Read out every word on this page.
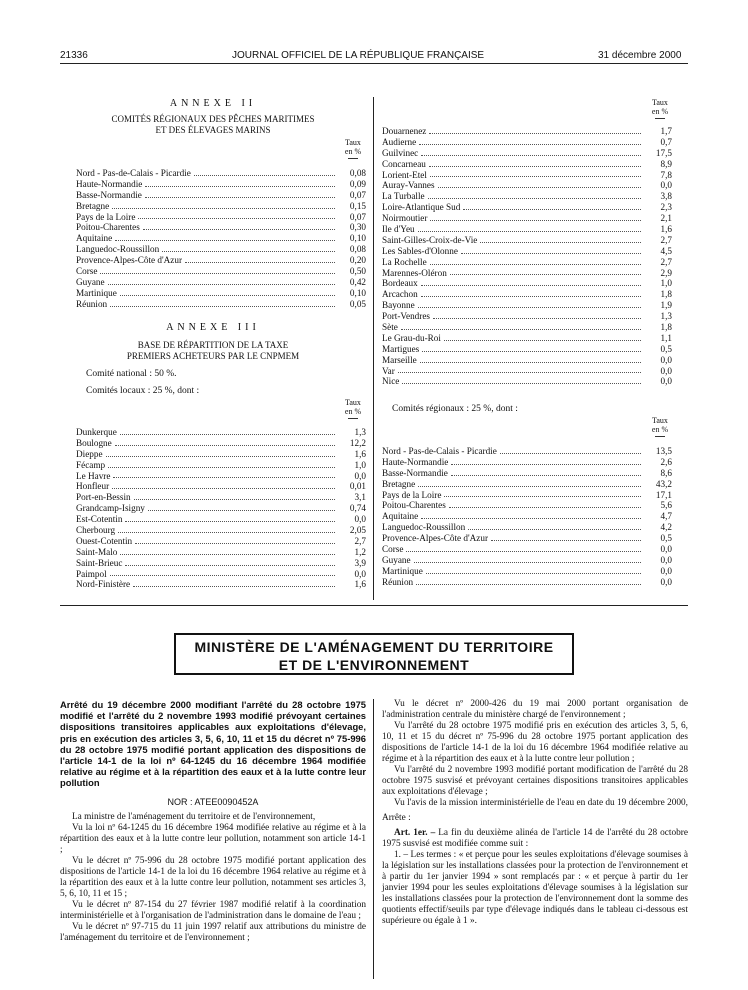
21336	JOURNAL OFFICIEL DE LA RÉPUBLIQUE FRANÇAISE	31 décembre 2000
ANNEXE II
COMITÉS RÉGIONAUX DES PÊCHES MARITIMES
ET DES ÉLEVAGES MARINS
Taux
en %
Nord - Pas-de-Calais - Picardie	0,08
Haute-Normandie	0,09
Basse-Normandie	0,07
Bretagne	0,15
Pays de la Loire	0,07
Poitou-Charentes	0,30
Aquitaine	0,10
Languedoc-Roussillon	0,08
Provence-Alpes-Côte d'Azur	0,20
Corse	0,50
Guyane	0,42
Martinique	0,10
Réunion	0,05
ANNEXE III
BASE DE RÉPARTITION DE LA TAXE
PREMIERS ACHETEURS PAR LE CNPMEM
Comité national : 50 %.
Comités locaux : 25 %, dont :
Taux
en %
Dunkerque	1,3
Boulogne	12,2
Dieppe	1,6
Fécamp	1,0
Le Havre	0,0
Honfleur	0,01
Port-en-Bessin	3,1
Grandcamp-Isigny	0,74
Est-Cotentin	0,0
Cherbourg	2,05
Ouest-Cotentin	2,7
Saint-Malo	1,2
Saint-Brieuc	3,9
Paimpol	0,0
Nord-Finistère	1,6
Taux
en %
Douarnenez	1,7
Audierne	0,7
Guilvinec	17,5
Concarneau	8,9
Lorient-Etel	7,8
Auray-Vannes	0,0
La Turballe	3,8
Loire-Atlantique Sud	2,3
Noirmoutier	2,1
Ile d'Yeu	1,6
Saint-Gilles-Croix-de-Vie	2,7
Les Sables-d'Olonne	4,5
La Rochelle	2,7
Marennes-Oléron	2,9
Bordeaux	1,0
Arcachon	1,8
Bayonne	1,9
Port-Vendres	1,3
Sète	1,8
Le Grau-du-Roi	1,1
Martigues	0,5
Marseille	0,0
Var	0,0
Nice	0,0
Comités régionaux : 25 %, dont :
Taux
en %
Nord - Pas-de-Calais - Picardie	13,5
Haute-Normandie	2,6
Basse-Normandie	8,6
Bretagne	43,2
Pays de la Loire	17,1
Poitou-Charentes	5,6
Aquitaine	4,7
Languedoc-Roussillon	4,2
Provence-Alpes-Côte d'Azur	0,5
Corse	0,0
Guyane	0,0
Martinique	0,0
Réunion	0,0
MINISTÈRE DE L'AMÉNAGEMENT DU TERRITOIRE
ET DE L'ENVIRONNEMENT
Arrêté du 19 décembre 2000 modifiant l'arrêté du 28 octobre 1975 modifié et l'arrêté du 2 novembre 1993 modifié prévoyant certaines dispositions transitoires applicables aux exploitations d'élevage, pris en exécution des articles 3, 5, 6, 10, 11 et 15 du décret nº 75-996 du 28 octobre 1975 modifié portant application des dispositions de l'article 14-1 de la loi nº 64-1245 du 16 décembre 1964 modifiée relative au régime et à la répartition des eaux et à la lutte contre leur pollution
NOR : ATEE0090452A

La ministre de l'aménagement du territoire et de l'environnement,

Vu la loi nº 64-1245 du 16 décembre 1964 modifiée relative au régime et à la répartition des eaux et à la lutte contre leur pollution, notamment son article 14-1 ;

Vu le décret nº 75-996 du 28 octobre 1975 modifié portant application des dispositions de l'article 14-1 de la loi du 16 décembre 1964 relative au régime et à la répartition des eaux et à la lutte contre leur pollution, notamment ses articles 3, 5, 6, 10, 11 et 15 ;

Vu le décret nº 87-154 du 27 février 1987 modifié relatif à la coordination interministérielle et à l'organisation de l'administration dans le domaine de l'eau ;

Vu le décret nº 97-715 du 11 juin 1997 relatif aux attributions du ministre de l'aménagement du territoire et de l'environnement ;

Vu le décret nº 2000-426 du 19 mai 2000 portant organisation de l'administration centrale du ministère chargé de l'environnement ;

Vu l'arrêté du 28 octobre 1975 modifié pris en exécution des articles 3, 5, 6, 10, 11 et 15 du décret nº 75-996 du 28 octobre 1975 portant application des dispositions de l'article 14-1 de la loi du 16 décembre 1964 modifiée relative au régime et à la répartition des eaux et à la lutte contre leur pollution ;

Vu l'arrêté du 2 novembre 1993 modifié portant modification de l'arrêté du 28 octobre 1975 susvisé et prévoyant certaines dispositions transitoires applicables aux exploitations d'élevage ;

Vu l'avis de la mission interministérielle de l'eau en date du 19 décembre 2000,

Arrête :

Art. 1er. – La fin du deuxième alinéa de l'article 14 de l'arrêté du 28 octobre 1975 susvisé est modifiée comme suit :

1. – Les termes : « et perçue pour les seules exploitations d'élevage soumises à la législation sur les installations classées pour la protection de l'environnement et à partir du 1er janvier 1994 » sont remplacés par : « et perçue à partir du 1er janvier 1994 pour les seules exploitations d'élevage soumises à la législation sur les installations classées pour la protection de l'environnement dont la somme des quotients effectif/seuils par type d'élevage indiqués dans le tableau ci-dessous est supérieure ou égale à 1 ».
